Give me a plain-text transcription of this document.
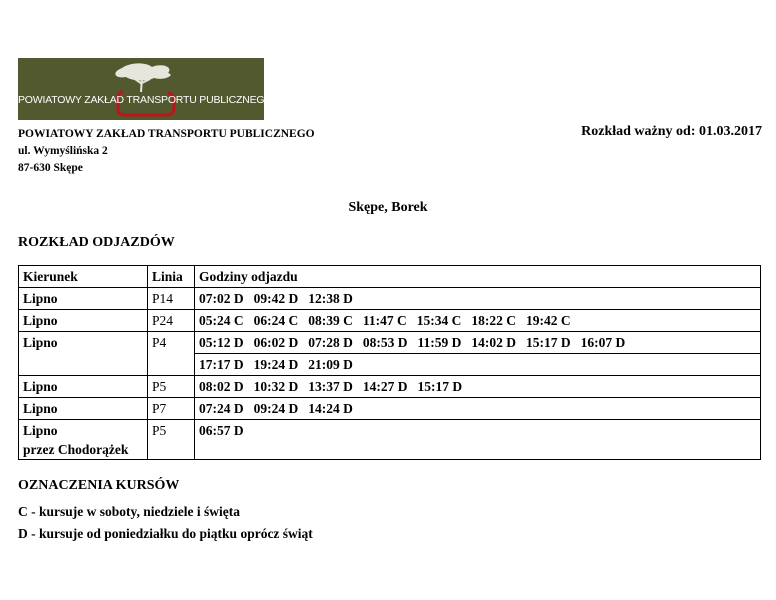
POWIATOWY ZAKŁAD TRANSPORTU PUBLICZNEGO
POWIATOWY ZAKŁAD TRANSPORTU PUBLICZNEGO
ul. Wymyślińska 2
87-630 Skępe
Rozkład ważny od: 01.03.2017
Skępe, Borek
ROZKŁAD ODJAZDÓW
Kierunek	Linia	Godziny odjazdu

Lipno	P14	07:02 D 09:42 D 12:38 D

Lipno	P24	05:24 C 06:24 C 08:39 C 11:47 C 15:34 C 18:22 C 19:42 C

Lipno	P4	05:12 D 06:02 D 07:28 D 08:53 D 11:59 D 14:02 D 15:17 D 16:07 D
		17:17 D 19:24 D 21:09 D

Lipno	P5	08:02 D 10:32 D 13:37 D 14:27 D 15:17 D

Lipno	P7	07:24 D 09:24 D 14:24 D

Lipno
przez Chodorążek	P5	06:57 D
OZNACZENIA KURSÓW
C - kursuje w soboty, niedziele i święta
D - kursuje od poniedziałku do piątku oprócz świąt
